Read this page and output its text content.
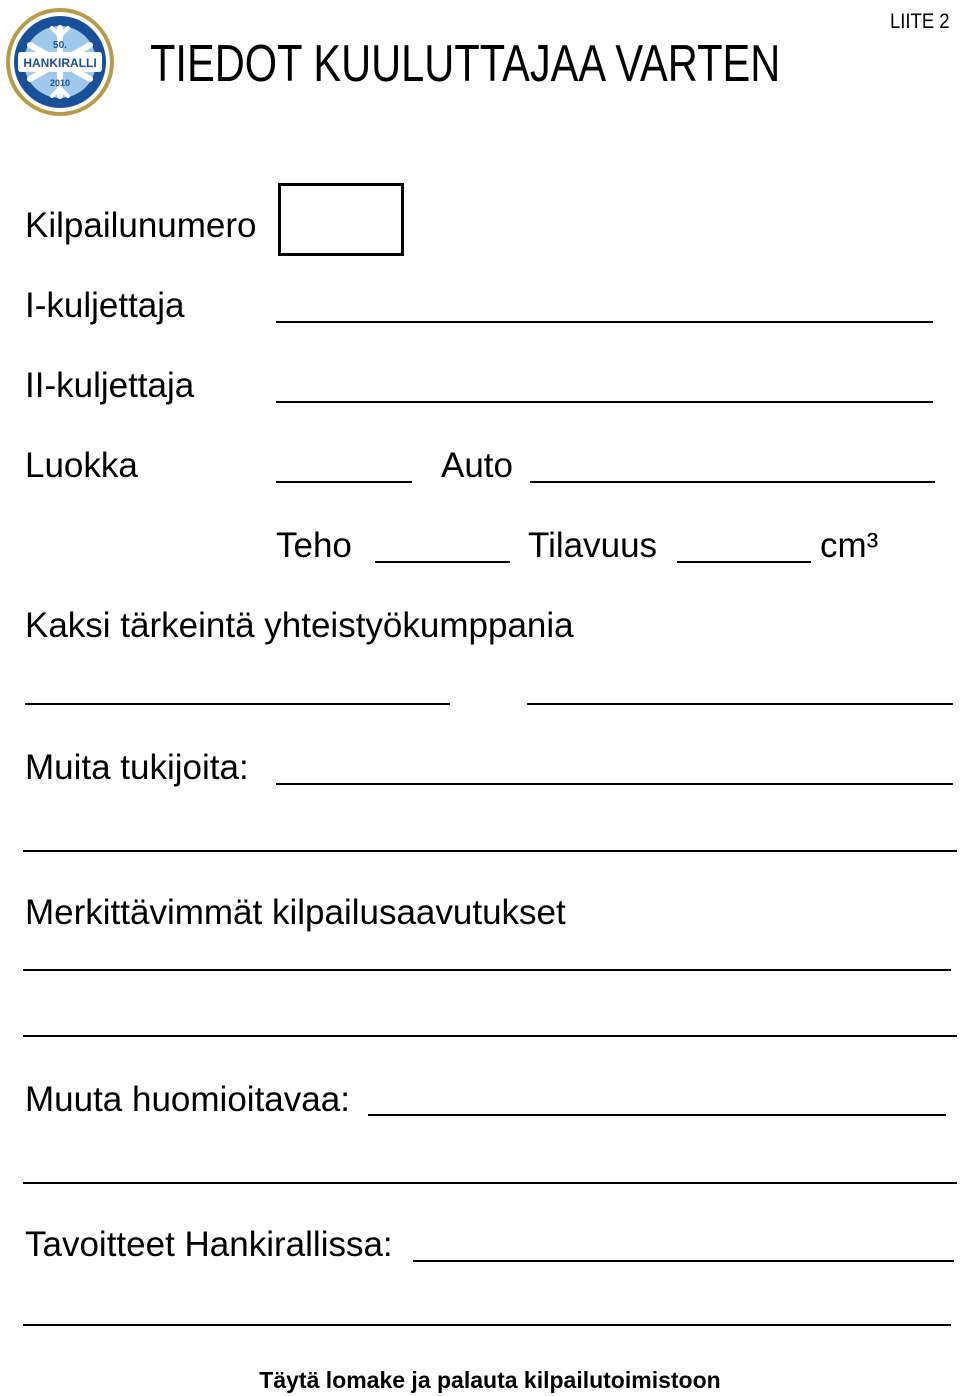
50.
HANKIRALLI
2010 TIEDOT KUULUTTAJAA VARTEN
LIITE 2
Kilpailunumero
I-kuljettaja
II-kuljettaja
Luokka	Auto
Teho	Tilavuus	cm³
Kaksi tärkeintä yhteistyökumppania
Muita tukijoita:
Merkittävimmät kilpailusaavutukset
Muuta huomioitavaa:
Tavoitteet Hankirallissa:
Täytä lomake ja palauta kilpailutoimistoon
